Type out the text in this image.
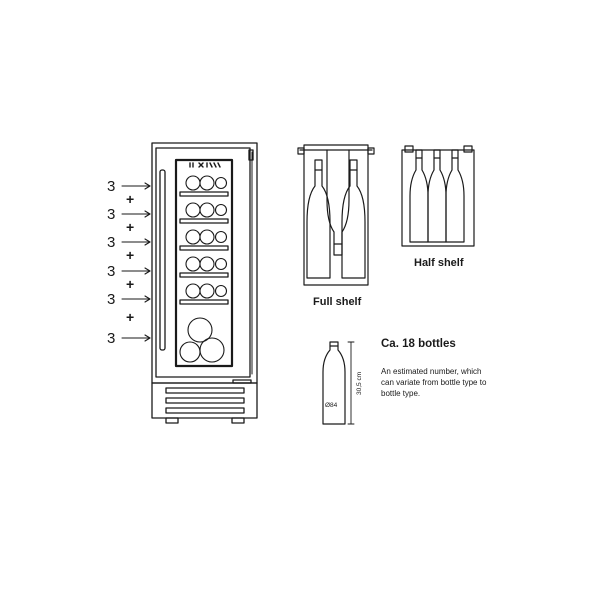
3
3
3
3
3
3
+
+
+
+
+
Full shelf
Half shelf
Ca. 18 bottles
An estimated number, which can variate from bottle type to bottle type.
Ø84
30,5 cm
